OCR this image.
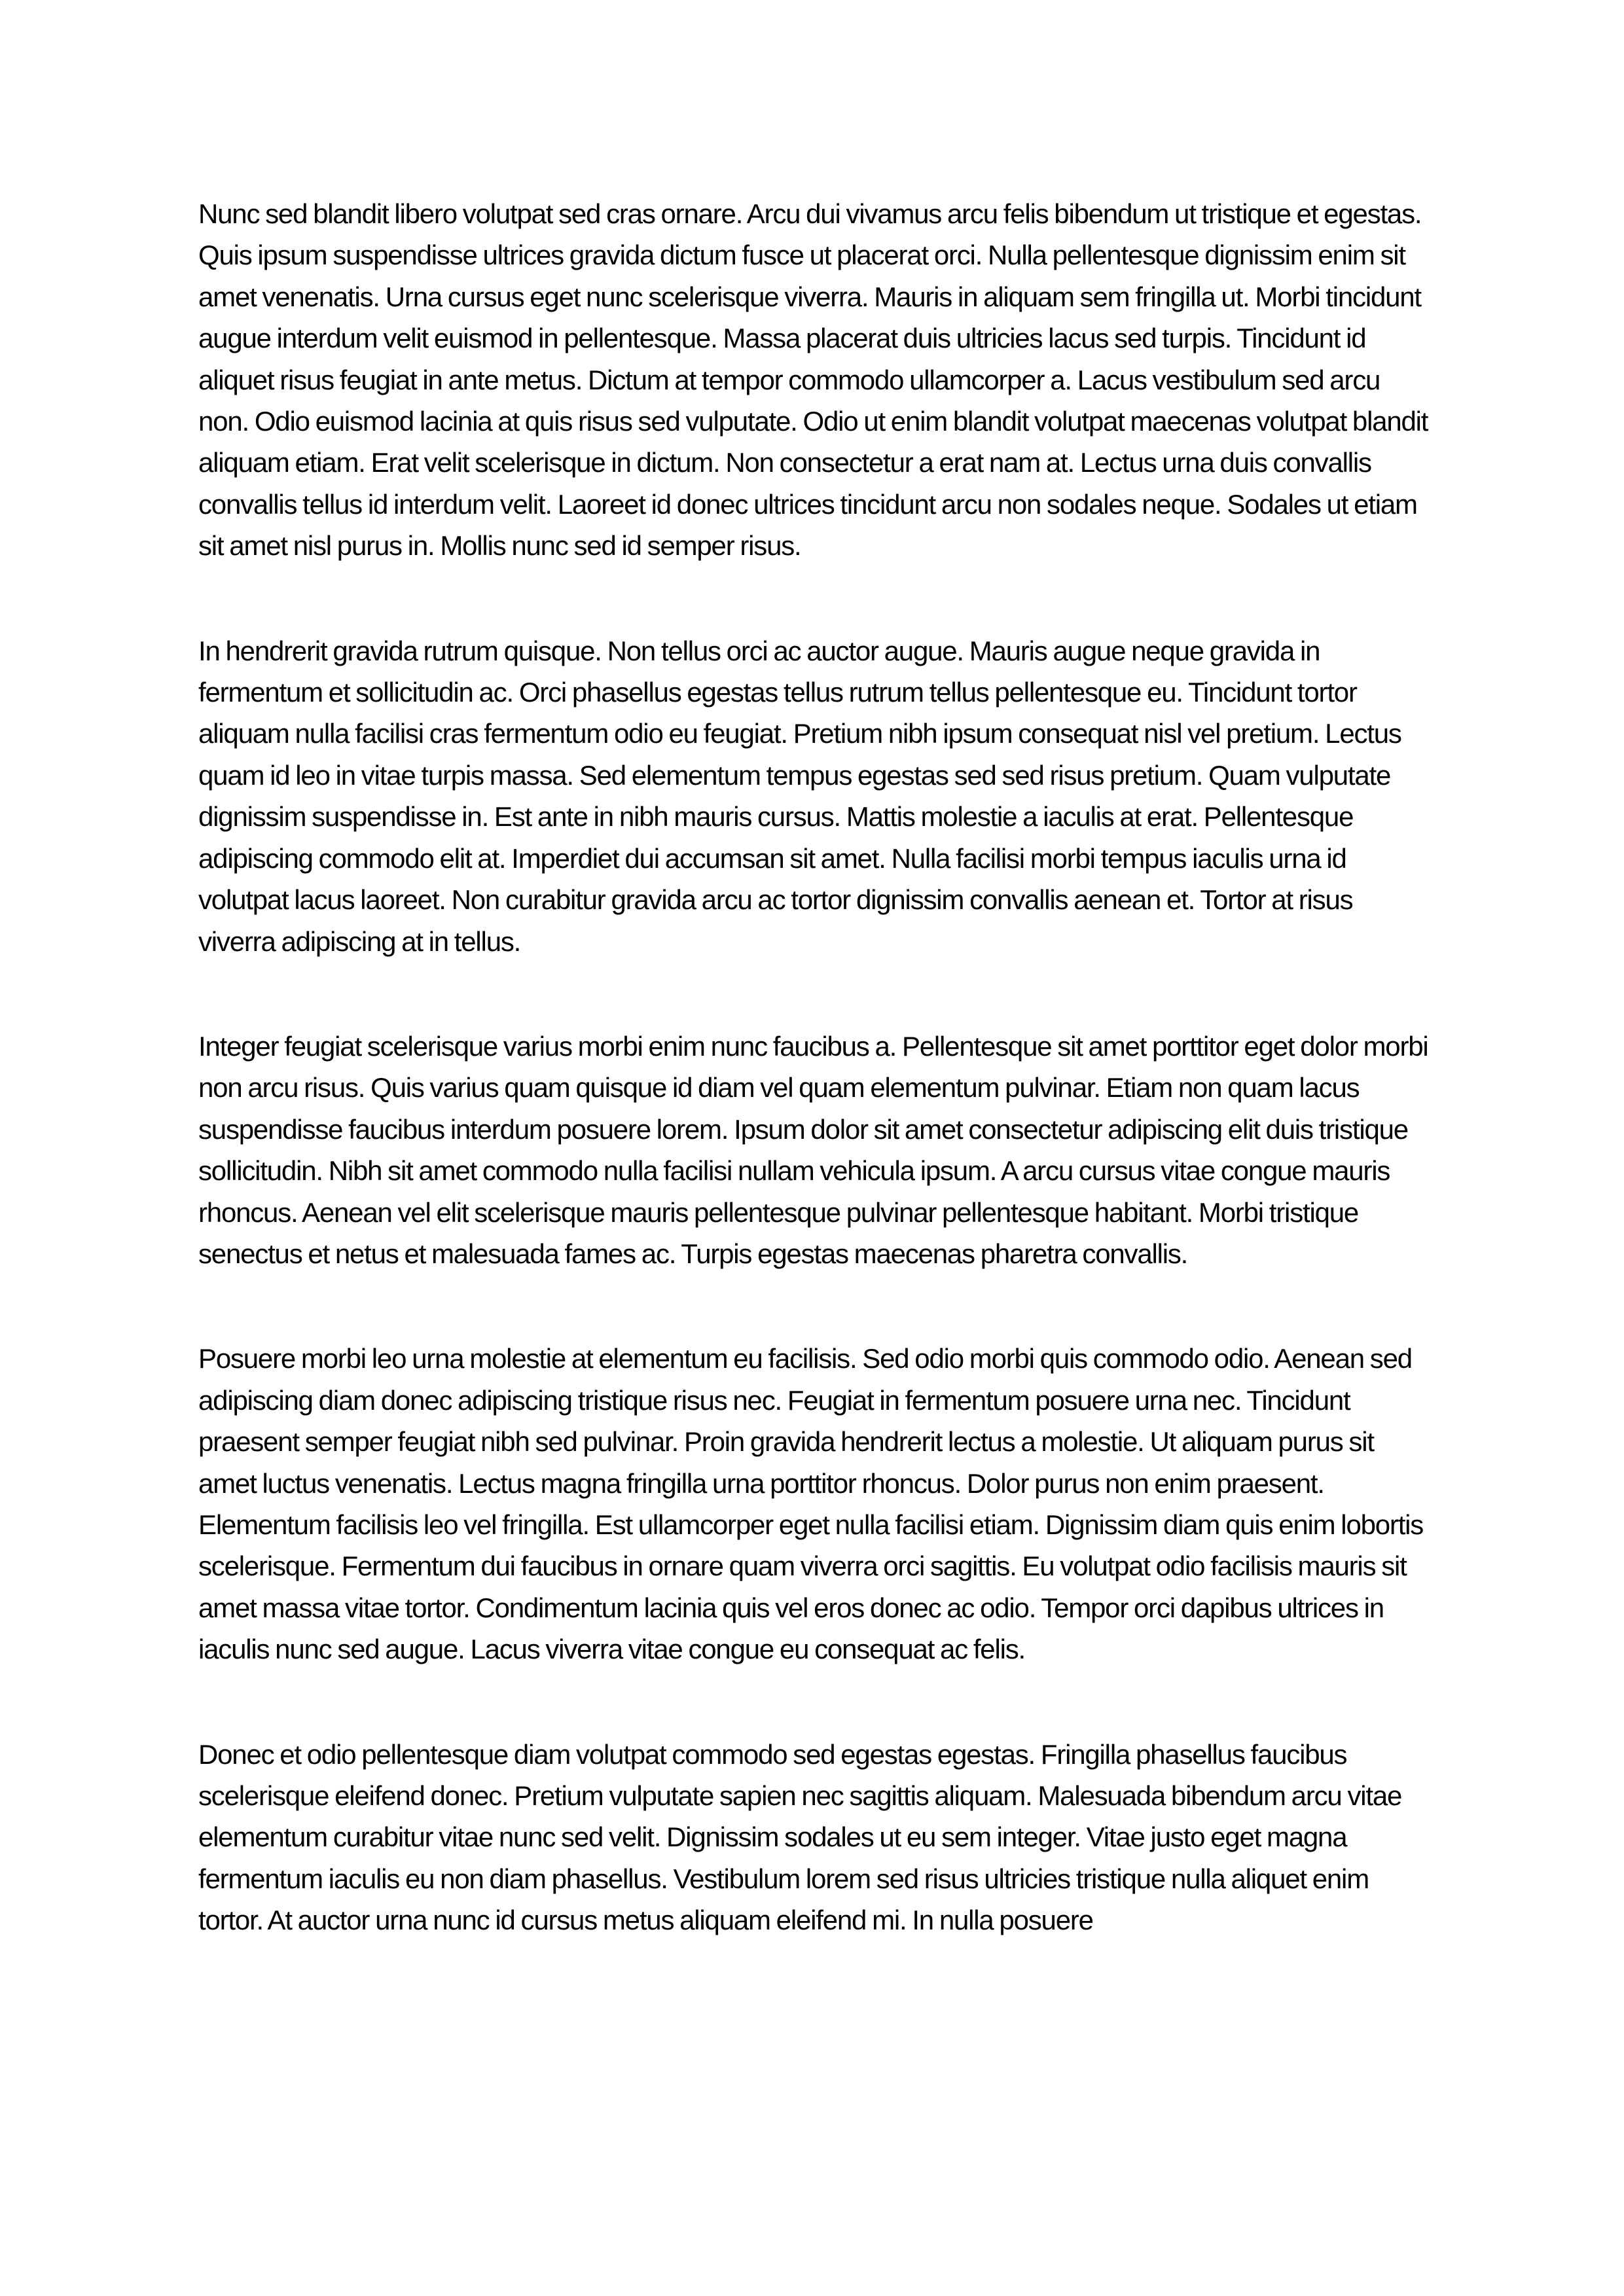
Nunc sed blandit libero volutpat sed cras ornare. Arcu dui vivamus arcu felis bibendum ut tristique et egestas. Quis ipsum suspendisse ultrices gravida dictum fusce ut placerat orci. Nulla pellentesque dignissim enim sit amet venenatis. Urna cursus eget nunc scelerisque viverra. Mauris in aliquam sem fringilla ut. Morbi tincidunt augue interdum velit euismod in pellentesque. Massa placerat duis ultricies lacus sed turpis. Tincidunt id aliquet risus feugiat in ante metus. Dictum at tempor commodo ullamcorper a. Lacus vestibulum sed arcu non. Odio euismod lacinia at quis risus sed vulputate. Odio ut enim blandit volutpat maecenas volutpat blandit aliquam etiam. Erat velit scelerisque in dictum. Non consectetur a erat nam at. Lectus urna duis convallis convallis tellus id interdum velit. Laoreet id donec ultrices tincidunt arcu non sodales neque. Sodales ut etiam sit amet nisl purus in. Mollis nunc sed id semper risus.

In hendrerit gravida rutrum quisque. Non tellus orci ac auctor augue. Mauris augue neque gravida in fermentum et sollicitudin ac. Orci phasellus egestas tellus rutrum tellus pellentesque eu. Tincidunt tortor aliquam nulla facilisi cras fermentum odio eu feugiat. Pretium nibh ipsum consequat nisl vel pretium. Lectus quam id leo in vitae turpis massa. Sed elementum tempus egestas sed sed risus pretium. Quam vulputate dignissim suspendisse in. Est ante in nibh mauris cursus. Mattis molestie a iaculis at erat. Pellentesque adipiscing commodo elit at. Imperdiet dui accumsan sit amet. Nulla facilisi morbi tempus iaculis urna id volutpat lacus laoreet. Non curabitur gravida arcu ac tortor dignissim convallis aenean et. Tortor at risus viverra adipiscing at in tellus.

Integer feugiat scelerisque varius morbi enim nunc faucibus a. Pellentesque sit amet porttitor eget dolor morbi non arcu risus. Quis varius quam quisque id diam vel quam elementum pulvinar. Etiam non quam lacus suspendisse faucibus interdum posuere lorem. Ipsum dolor sit amet consectetur adipiscing elit duis tristique sollicitudin. Nibh sit amet commodo nulla facilisi nullam vehicula ipsum. A arcu cursus vitae congue mauris rhoncus. Aenean vel elit scelerisque mauris pellentesque pulvinar pellentesque habitant. Morbi tristique senectus et netus et malesuada fames ac. Turpis egestas maecenas pharetra convallis.

Posuere morbi leo urna molestie at elementum eu facilisis. Sed odio morbi quis commodo odio. Aenean sed adipiscing diam donec adipiscing tristique risus nec. Feugiat in fermentum posuere urna nec. Tincidunt praesent semper feugiat nibh sed pulvinar. Proin gravida hendrerit lectus a molestie. Ut aliquam purus sit amet luctus venenatis. Lectus magna fringilla urna porttitor rhoncus. Dolor purus non enim praesent. Elementum facilisis leo vel fringilla. Est ullamcorper eget nulla facilisi etiam. Dignissim diam quis enim lobortis scelerisque. Fermentum dui faucibus in ornare quam viverra orci sagittis. Eu volutpat odio facilisis mauris sit amet massa vitae tortor. Condimentum lacinia quis vel eros donec ac odio. Tempor orci dapibus ultrices in iaculis nunc sed augue. Lacus viverra vitae congue eu consequat ac felis.

Donec et odio pellentesque diam volutpat commodo sed egestas egestas. Fringilla phasellus faucibus scelerisque eleifend donec. Pretium vulputate sapien nec sagittis aliquam. Malesuada bibendum arcu vitae elementum curabitur vitae nunc sed velit. Dignissim sodales ut eu sem integer. Vitae justo eget magna fermentum iaculis eu non diam phasellus. Vestibulum lorem sed risus ultricies tristique nulla aliquet enim tortor. At auctor urna nunc id cursus metus aliquam eleifend mi. In nulla posuere
